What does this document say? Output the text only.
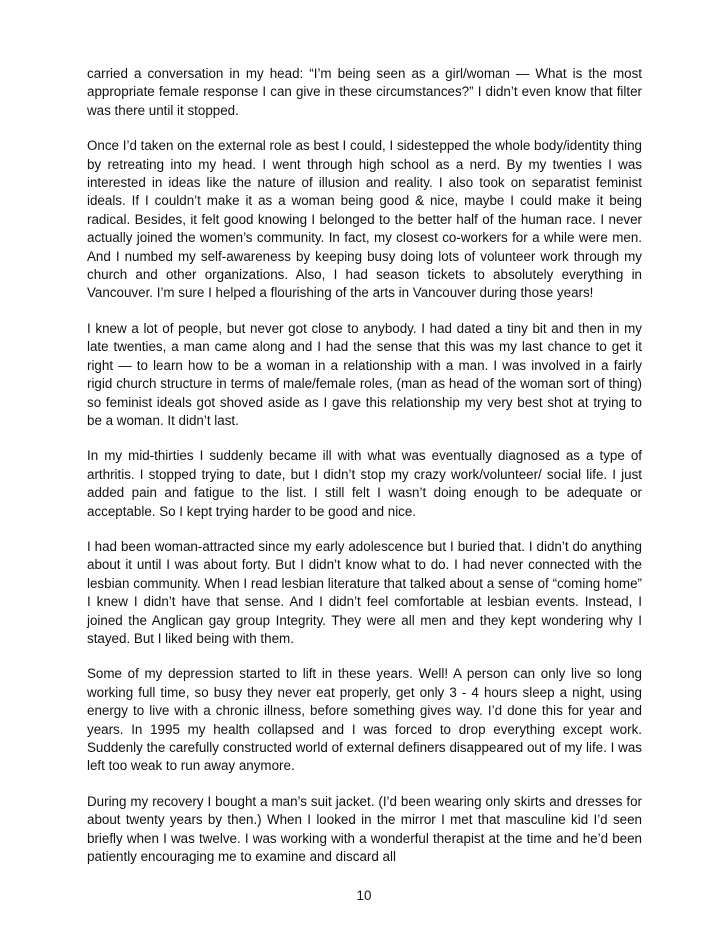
carried a conversation in my head: “I’m being seen as a girl/woman — What is the most appropriate female response I can give in these circumstances?” I didn’t even know that filter was there until it stopped.

Once I’d taken on the external role as best I could, I sidestepped the whole body/identity thing by retreating into my head. I went through high school as a nerd. By my twenties I was interested in ideas like the nature of illusion and reality. I also took on separatist feminist ideals. If I couldn’t make it as a woman being good & nice, maybe I could make it being radical. Besides, it felt good knowing I belonged to the better half of the human race. I never actually joined the women’s community. In fact, my closest co-workers for a while were men. And I numbed my self-awareness by keeping busy doing lots of volunteer work through my church and other organizations. Also, I had season tickets to absolutely everything in Vancouver. I’m sure I helped a flourishing of the arts in Vancouver during those years!

I knew a lot of people, but never got close to anybody. I had dated a tiny bit and then in my late twenties, a man came along and I had the sense that this was my last chance to get it right — to learn how to be a woman in a relationship with a man. I was involved in a fairly rigid church structure in terms of male/female roles, (man as head of the woman sort of thing) so feminist ideals got shoved aside as I gave this relationship my very best shot at trying to be a woman. It didn’t last.

In my mid-thirties I suddenly became ill with what was eventually diagnosed as a type of arthritis. I stopped trying to date, but I didn’t stop my crazy work/volunteer/ social life. I just added pain and fatigue to the list. I still felt I wasn’t doing enough to be adequate or acceptable. So I kept trying harder to be good and nice.

I had been woman-attracted since my early adolescence but I buried that. I didn’t do anything about it until I was about forty. But I didn’t know what to do. I had never connected with the lesbian community. When I read lesbian literature that talked about a sense of “coming home” I knew I didn’t have that sense. And I didn’t feel comfortable at lesbian events. Instead, I joined the Anglican gay group Integrity. They were all men and they kept wondering why I stayed. But I liked being with them.

Some of my depression started to lift in these years. Well! A person can only live so long working full time, so busy they never eat properly, get only 3 - 4 hours sleep a night, using energy to live with a chronic illness, before something gives way. I’d done this for year and years. In 1995 my health collapsed and I was forced to drop everything except work. Suddenly the carefully constructed world of external definers disappeared out of my life. I was left too weak to run away anymore.

During my recovery I bought a man’s suit jacket. (I’d been wearing only skirts and dresses for about twenty years by then.) When I looked in the mirror I met that masculine kid I’d seen briefly when I was twelve. I was working with a wonderful therapist at the time and he’d been patiently encouraging me to examine and discard all

10
